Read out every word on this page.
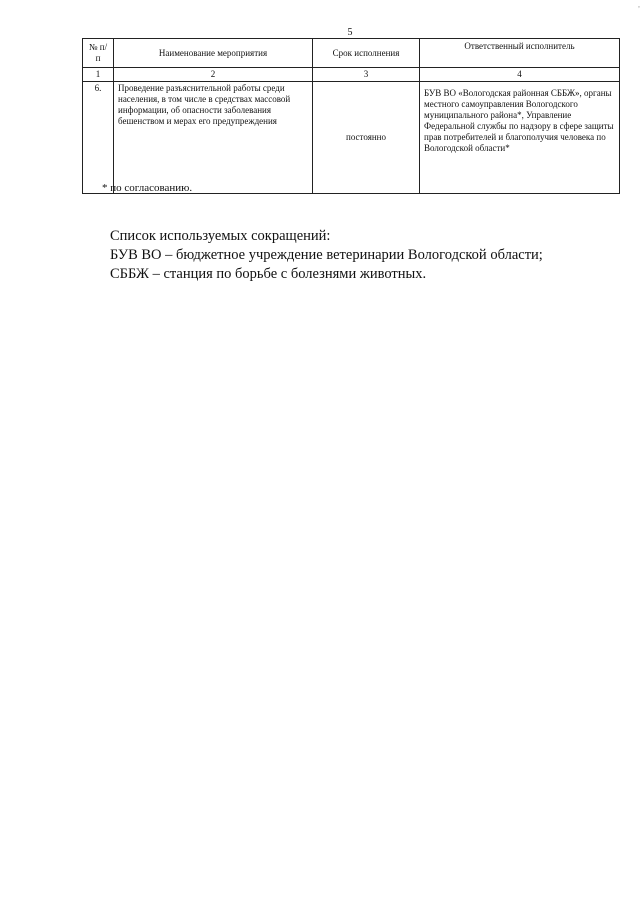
5
,
№ п/п	Наименование мероприятия	Срок исполнения	Ответственный исполнитель
1	2	3	4
6.	Проведение разъяснительной работы среди населения, в том числе в средствах массовой информации, об опасности заболевания бешенством и мерах его предупреждения	постоянно	БУВ ВО «Вологодская районная СББЖ», органы местного самоуправления Вологодского муниципального района*, Управление Федеральной службы по надзору в сфере защиты прав потребителей и благополучия человека по Вологодской области*
* по согласованию.
Список используемых сокращений:
БУВ ВО – бюджетное учреждение ветеринарии Вологодской области;
СББЖ – станция по борьбе с болезнями животных.
